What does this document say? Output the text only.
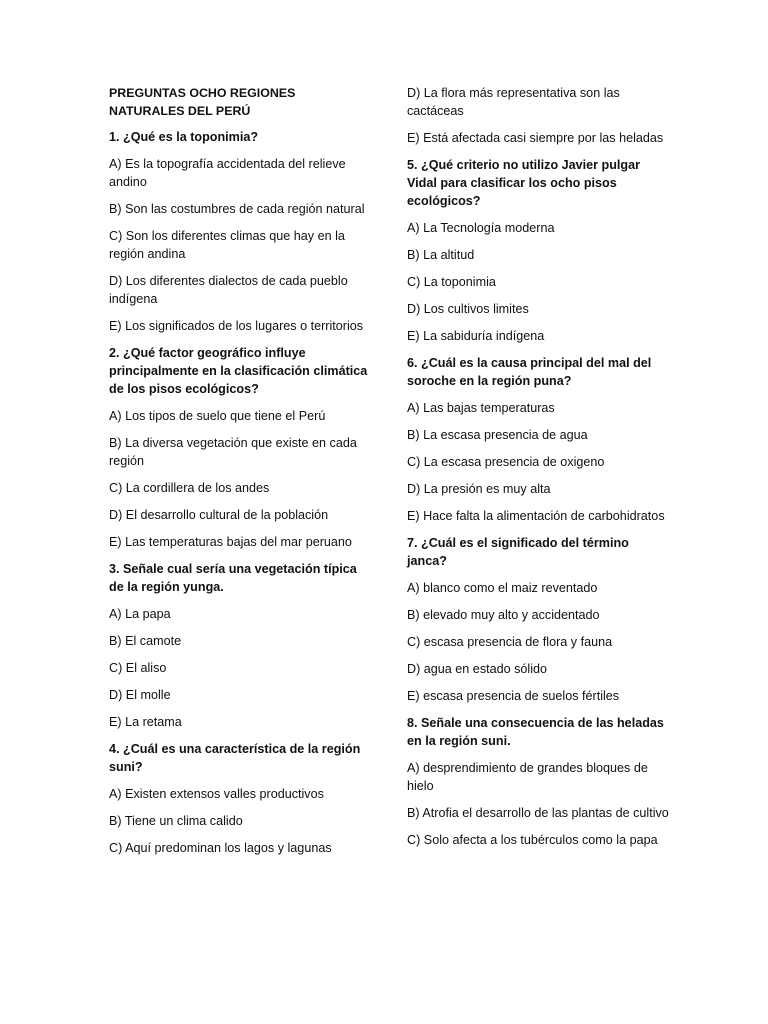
PREGUNTAS OCHO REGIONES NATURALES DEL PERÚ

1. ¿Qué es la toponimia?

A) Es la topografía accidentada del relieve andino

B) Son las costumbres de cada región natural

C) Son los diferentes climas que hay en la región andina

D) Los diferentes dialectos de cada pueblo indígena

E) Los significados de los lugares o territorios

2. ¿Qué factor geográfico influye principalmente en la clasificación climática de los pisos ecológicos?

A) Los tipos de suelo que tiene el Perú

B) La diversa vegetación que existe en cada región

C) La cordillera de los andes

D) El desarrollo cultural de la población

E) Las temperaturas bajas del mar peruano

3. Señale cual sería una vegetación típica de la región yunga.

A) La papa

B) El camote

C) El aliso

D) El molle

E) La retama

4. ¿Cuál es una característica de la región suni?

A) Existen extensos valles productivos

B) Tiene un clima calido

C) Aquí predominan los lagos y lagunas

D) La flora más representativa son las cactáceas

E) Está afectada casi siempre por las heladas

5. ¿Qué criterio no utilizo Javier pulgar Vidal para clasificar los ocho pisos ecológicos?

A) La Tecnología moderna

B) La altitud

C) La toponimia

D) Los cultivos limites

E) La sabiduría indígena

6. ¿Cuál es la causa principal del mal del soroche en la región puna?

A) Las bajas temperaturas

B) La escasa presencia de agua

C) La escasa presencia de oxigeno

D) La presión es muy alta

E) Hace falta la alimentación de carbohidratos

7. ¿Cuál es el significado del término janca?

A) blanco como el maiz reventado

B) elevado muy alto y accidentado

C) escasa presencia de flora y fauna

D) agua en estado sólido

E) escasa presencia de suelos fértiles

8. Señale una consecuencia de las heladas en la región suni.

A) desprendimiento de grandes bloques de hielo

B) Atrofia el desarrollo de las plantas de cultivo

C) Solo afecta a los tubérculos como la papa
